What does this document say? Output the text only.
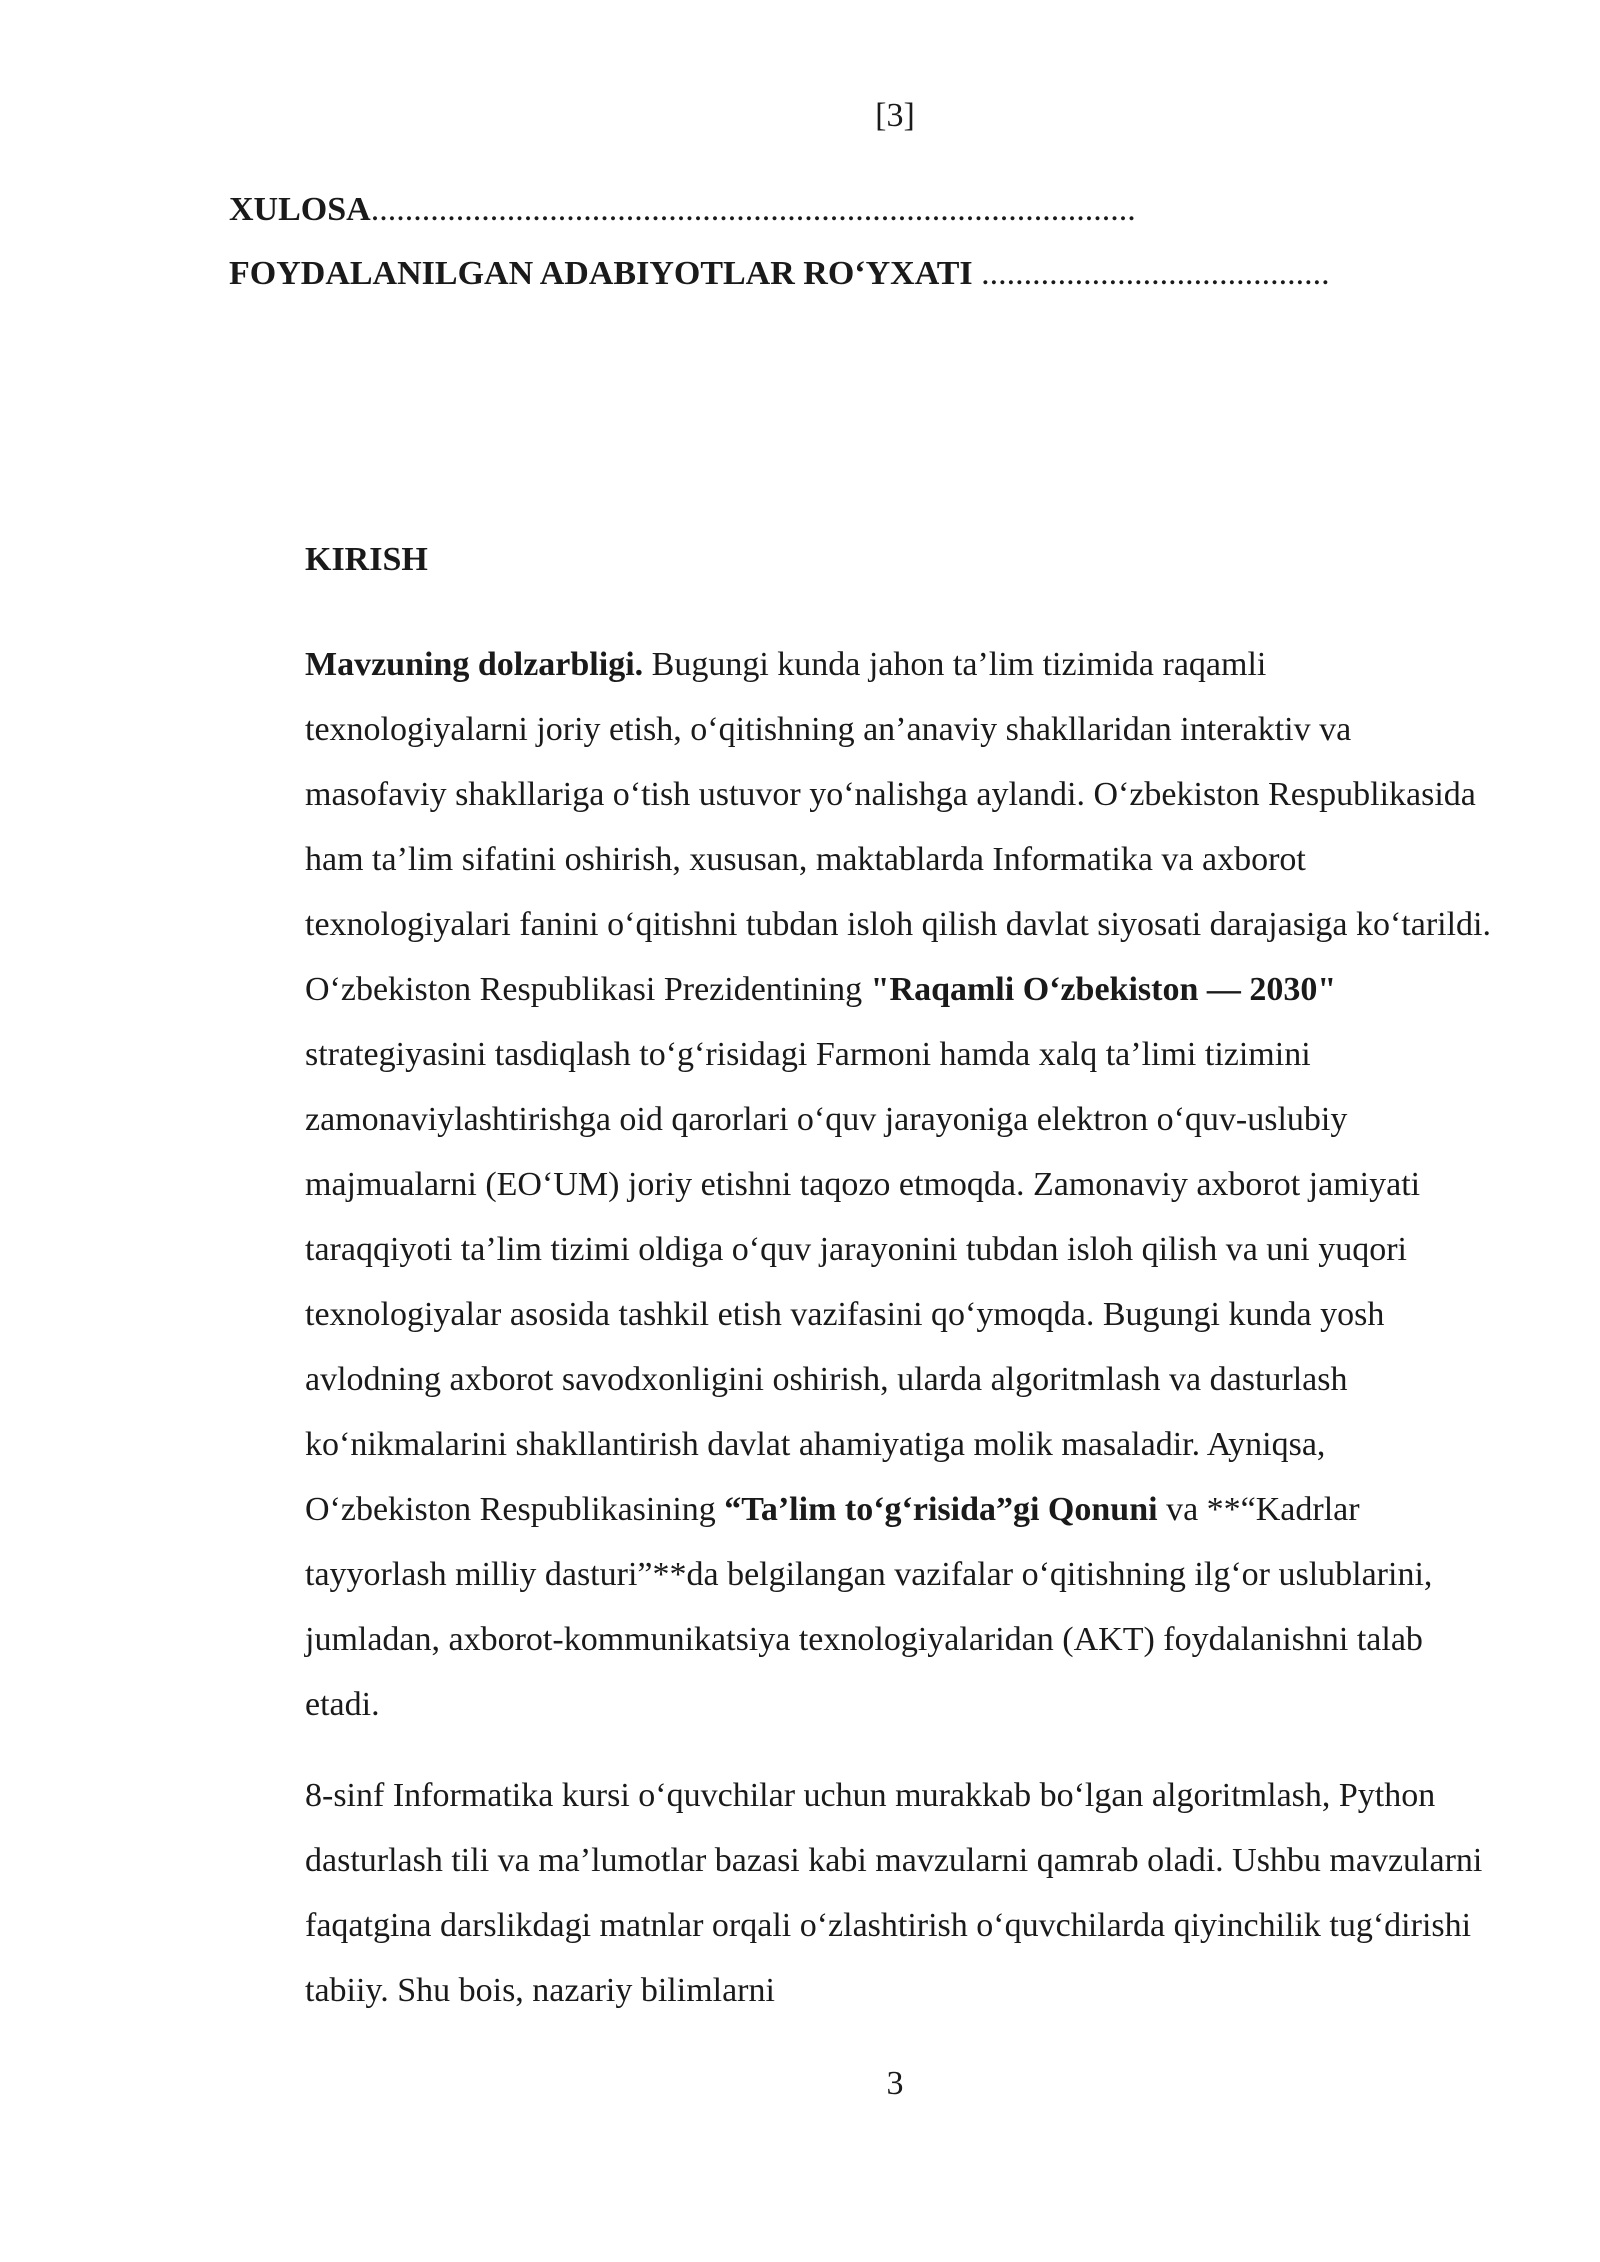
[3]
XULOSA..........................................................................................
FOYDALANILGAN ADABIYOTLAR RO‘YXATI .........................................
KIRISH

Mavzuning dolzarbligi. Bugungi kunda jahon ta’lim tizimida raqamli texnologiyalarni joriy etish, o‘qitishning an’anaviy shakllaridan interaktiv va masofaviy shakllariga o‘tish ustuvor yo‘nalishga aylandi. O‘zbekiston Respublikasida ham ta’lim sifatini oshirish, xususan, maktablarda Informatika va axborot texnologiyalari fanini o‘qitishni tubdan isloh qilish davlat siyosati darajasiga ko‘tarildi. O‘zbekiston Respublikasi Prezidentining "Raqamli O‘zbekiston — 2030" strategiyasini tasdiqlash to‘g‘risidagi Farmoni hamda xalq ta’limi tizimini zamonaviylashtirishga oid qarorlari o‘quv jarayoniga elektron o‘quv-uslubiy majmualarni (EO‘UM) joriy etishni taqozo etmoqda. Zamonaviy axborot jamiyati taraqqiyoti ta’lim tizimi oldiga o‘quv jarayonini tubdan isloh qilish va uni yuqori texnologiyalar asosida tashkil etish vazifasini qo‘ymoqda. Bugungi kunda yosh avlodning axborot savodxonligini oshirish, ularda algoritmlash va dasturlash ko‘nikmalarini shakllantirish davlat ahamiyatiga molik masaladir. Ayniqsa, O‘zbekiston Respublikasining “Ta’lim to‘g‘risida”gi Qonuni va **“Kadrlar tayyorlash milliy dasturi”**da belgilangan vazifalar o‘qitishning ilg‘or uslublarini, jumladan, axborot-kommunikatsiya texnologiyalaridan (AKT) foydalanishni talab etadi.

8-sinf Informatika kursi o‘quvchilar uchun murakkab bo‘lgan algoritmlash, Python dasturlash tili va ma’lumotlar bazasi kabi mavzularni qamrab oladi. Ushbu mavzularni faqatgina darslikdagi matnlar orqali o‘zlashtirish o‘quvchilarda qiyinchilik tug‘dirishi tabiiy. Shu bois, nazariy bilimlarni

3
